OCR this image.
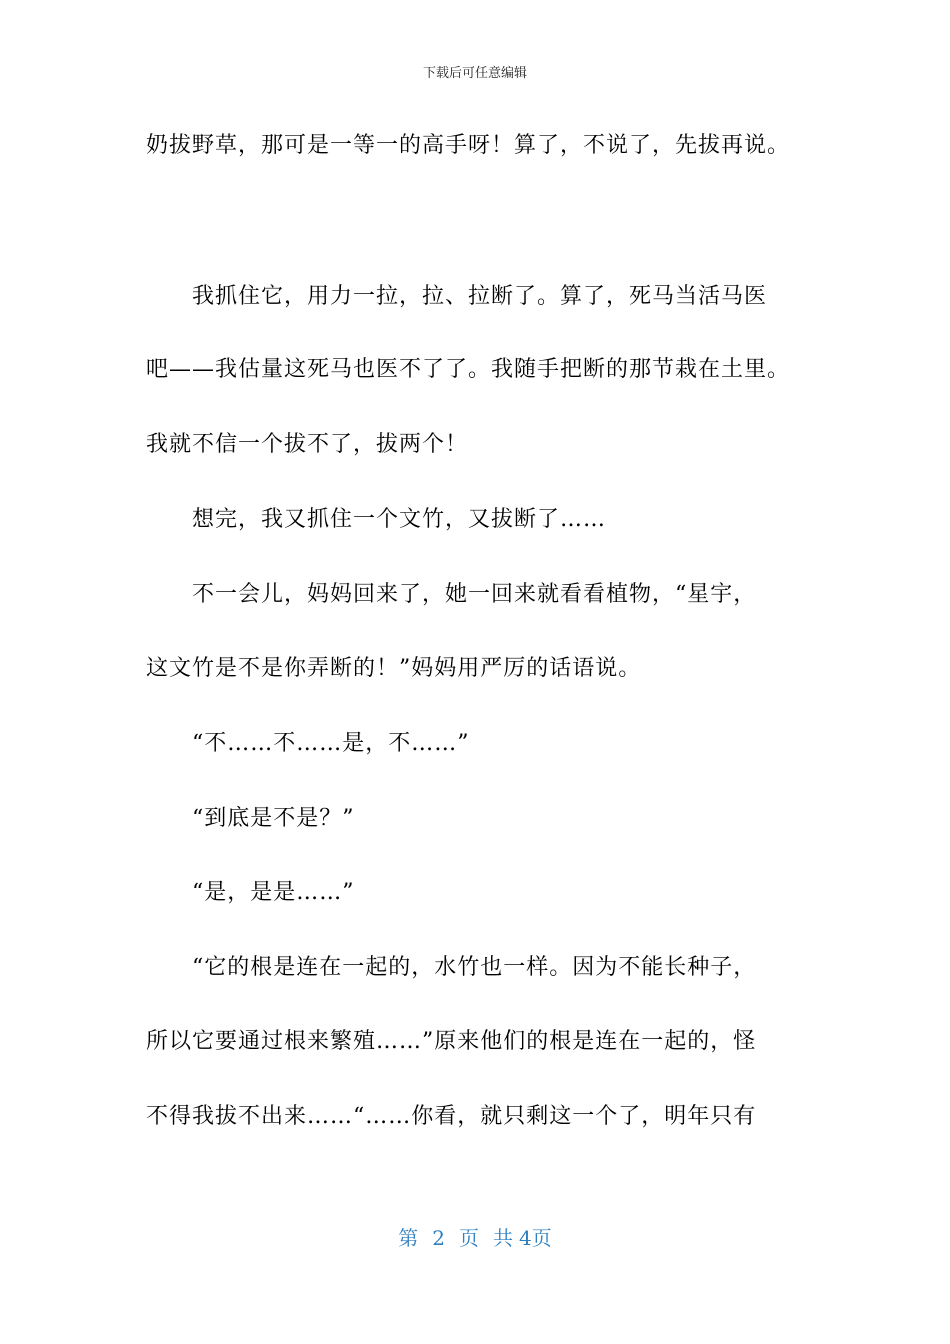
下载后可任意编辑
奶拔野草，那可是一等一的高手呀！算了，不说了，先拔再说。
我抓住它，用力一拉，拉、拉断了。算了，死马当活马医
吧——我估量这死马也医不了了。我随手把断的那节栽在土里。
我就不信一个拔不了，拔两个！
想完，我又抓住一个文竹，又拔断了……
不一会儿，妈妈回来了，她一回来就看看植物，“星宇，
这文竹是不是你弄断的！”妈妈用严厉的话语说。
“不……不……是，不……”
“到底是不是？”
“是，是是……”
“它的根是连在一起的，水竹也一样。因为不能长种子，
所以它要通过根来繁殖……”原来他们的根是连在一起的，怪
不得我拔不出来……“……你看，就只剩这一个了，明年只有
第 2 页 共 4页
